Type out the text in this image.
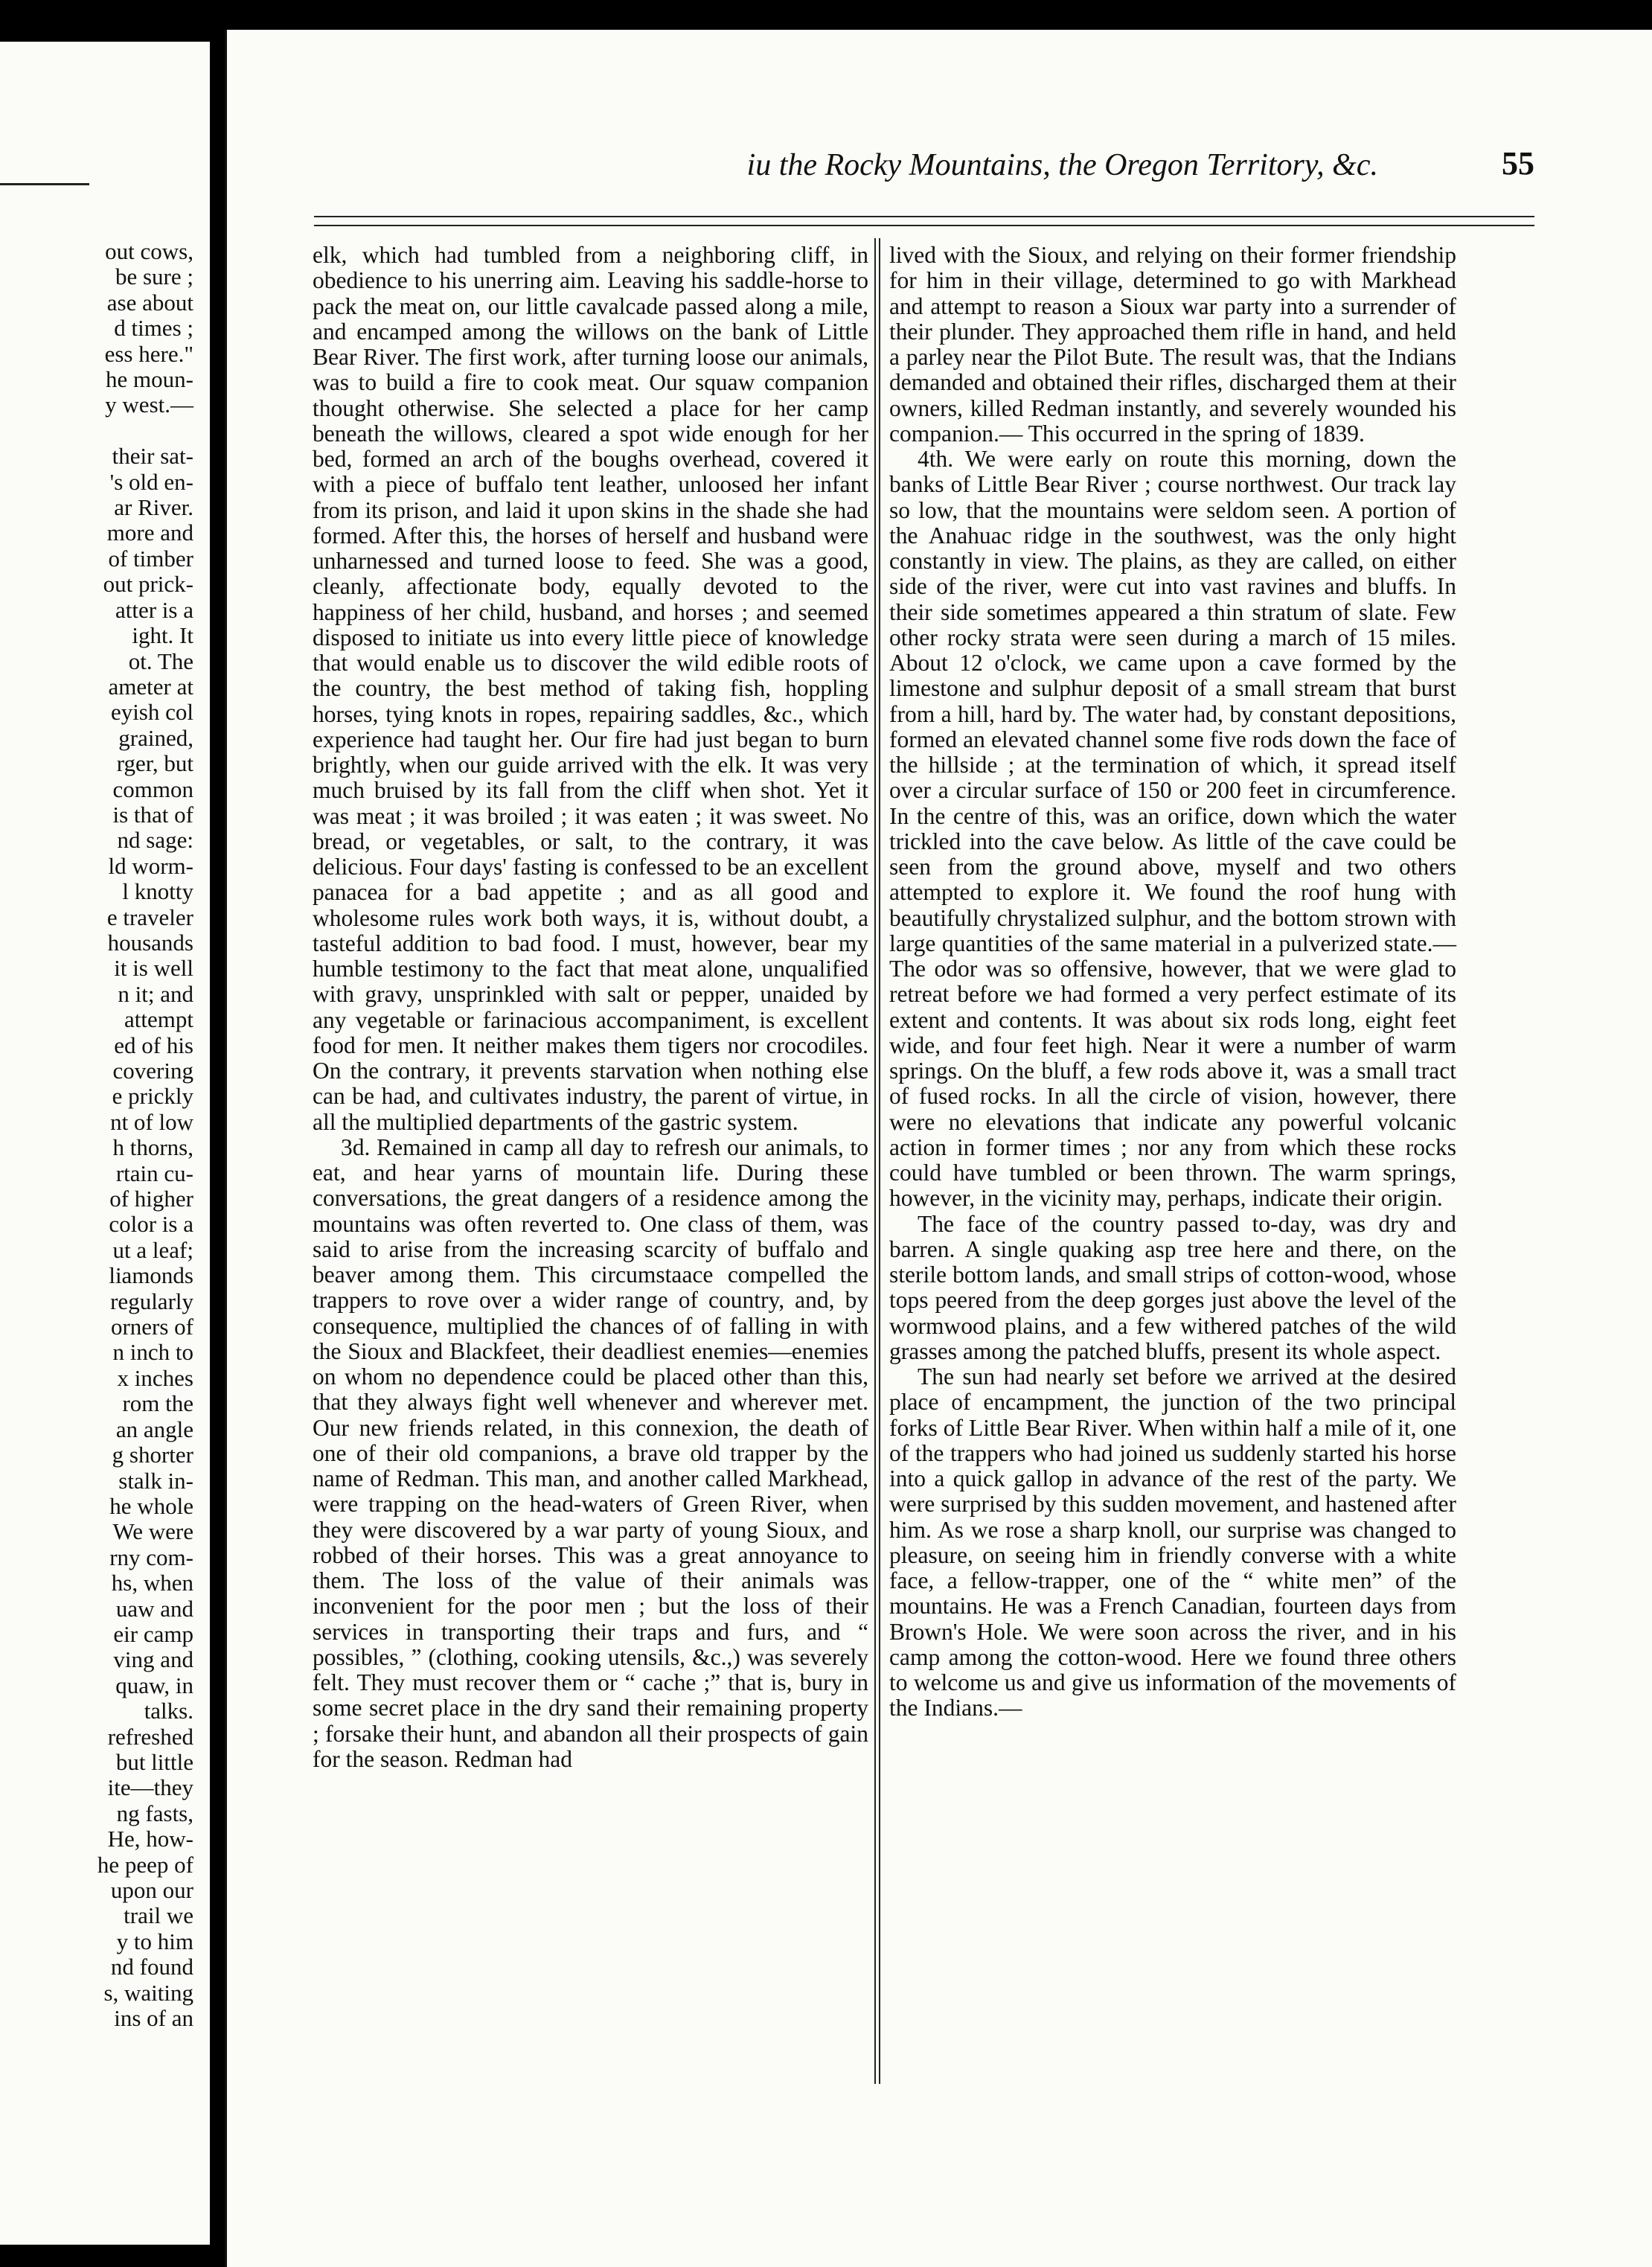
out cows,
be sure ;
ase about
d times ;
ess here."
he moun-
y west.—

their sat-
's old en-
ar River.
more and
of timber
out prick-
atter is a
ight. It
ot. The
ameter at
eyish col
grained,
rger, but
common
is that of
nd sage:
ld worm-
l knotty
e traveler
housands
it is well
n it; and
attempt
ed of his
covering
e prickly
nt of low
h thorns,
rtain cu-
of higher
color is a
ut a leaf;
liamonds
regularly
orners of
n inch to
x inches
rom the
an angle
g shorter
stalk in-
he whole
We were
rny com-
hs, when
uaw and
eir camp
ving and
quaw, in
talks.
refreshed
but little
ite—they
ng fasts,
He, how-
he peep of
upon our
trail we
y to him
nd found
s, waiting
ins of an
iu the Rocky Mountains, the Oregon Territory, &c.	55

elk, which had tumbled from a neighboring cliff, in obedience to his unerring aim. Leaving his saddle-horse to pack the meat on, our little cavalcade passed along a mile, and encamped among the willows on the bank of Little Bear River. The first work, after turning loose our animals, was to build a fire to cook meat. Our squaw companion thought otherwise. She selected a place for her camp beneath the willows, cleared a spot wide enough for her bed, formed an arch of the boughs overhead, covered it with a piece of buffalo tent leather, unloosed her infant from its prison, and laid it upon skins in the shade she had formed. After this, the horses of herself and husband were unharnessed and turned loose to feed. She was a good, cleanly, affectionate body, equally devoted to the happiness of her child, husband, and horses ; and seemed disposed to initiate us into every little piece of knowledge that would enable us to discover the wild edible roots of the country, the best method of taking fish, hoppling horses, tying knots in ropes, repairing saddles, &c., which experience had taught her. Our fire had just began to burn brightly, when our guide arrived with the elk. It was very much bruised by its fall from the cliff when shot. Yet it was meat ; it was broiled ; it was eaten ; it was sweet. No bread, or vegetables, or salt, to the contrary, it was delicious. Four days' fasting is confessed to be an excellent panacea for a bad appetite ; and as all good and wholesome rules work both ways, it is, without doubt, a tasteful addition to bad food. I must, however, bear my humble testimony to the fact that meat alone, unqualified with gravy, unsprinkled with salt or pepper, unaided by any vegetable or farinacious accompaniment, is excellent food for men. It neither makes them tigers nor crocodiles. On the contrary, it prevents starvation when nothing else can be had, and cultivates industry, the parent of virtue, in all the multiplied departments of the gastric system.

3d. Remained in camp all day to refresh our animals, to eat, and hear yarns of mountain life. During these conversations, the great dangers of a residence among the mountains was often reverted to. One class of them, was said to arise from the increasing scarcity of buffalo and beaver among them. This circumstaace compelled the trappers to rove over a wider range of country, and, by consequence, multiplied the chances of of falling in with the Sioux and Blackfeet, their deadliest enemies—enemies on whom no dependence could be placed other than this, that they always fight well whenever and wherever met. Our new friends related, in this connexion, the death of one of their old companions, a brave old trapper by the name of Redman. This man, and another called Markhead, were trapping on the head-waters of Green River, when they were discovered by a war party of young Sioux, and robbed of their horses. This was a great annoyance to them. The loss of the value of their animals was inconvenient for the poor men ; but the loss of their services in transporting their traps and furs, and “ possibles, ” (clothing, cooking utensils, &c.,) was severely felt. They must recover them or “ cache ;” that is, bury in some secret place in the dry sand their remaining property ; forsake their hunt, and abandon all their prospects of gain for the season. Redman had

lived with the Sioux, and relying on their former friendship for him in their village, determined to go with Markhead and attempt to reason a Sioux war party into a surrender of their plunder. They approached them rifle in hand, and held a parley near the Pilot Bute. The result was, that the Indians demanded and obtained their rifles, discharged them at their owners, killed Redman instantly, and severely wounded his companion.— This occurred in the spring of 1839.

4th. We were early on route this morning, down the banks of Little Bear River ; course northwest. Our track lay so low, that the mountains were seldom seen. A portion of the Anahuac ridge in the southwest, was the only hight constantly in view. The plains, as they are called, on either side of the river, were cut into vast ravines and bluffs. In their side sometimes appeared a thin stratum of slate. Few other rocky strata were seen during a march of 15 miles. About 12 o'clock, we came upon a cave formed by the limestone and sulphur deposit of a small stream that burst from a hill, hard by. The water had, by constant depositions, formed an elevated channel some five rods down the face of the hillside ; at the termination of which, it spread itself over a circular surface of 150 or 200 feet in circumference. In the centre of this, was an orifice, down which the water trickled into the cave below. As little of the cave could be seen from the ground above, myself and two others attempted to explore it. We found the roof hung with beautifully chrystalized sulphur, and the bottom strown with large quantities of the same material in a pulverized state.— The odor was so offensive, however, that we were glad to retreat before we had formed a very perfect estimate of its extent and contents. It was about six rods long, eight feet wide, and four feet high. Near it were a number of warm springs. On the bluff, a few rods above it, was a small tract of fused rocks. In all the circle of vision, however, there were no elevations that indicate any powerful volcanic action in former times ; nor any from which these rocks could have tumbled or been thrown. The warm springs, however, in the vicinity may, perhaps, indicate their origin.

The face of the country passed to-day, was dry and barren. A single quaking asp tree here and there, on the sterile bottom lands, and small strips of cotton-wood, whose tops peered from the deep gorges just above the level of the wormwood plains, and a few withered patches of the wild grasses among the patched bluffs, present its whole aspect.

The sun had nearly set before we arrived at the desired place of encampment, the junction of the two principal forks of Little Bear River. When within half a mile of it, one of the trappers who had joined us suddenly started his horse into a quick gallop in advance of the rest of the party. We were surprised by this sudden movement, and hastened after him. As we rose a sharp knoll, our surprise was changed to pleasure, on seeing him in friendly converse with a white face, a fellow-trapper, one of the “ white men” of the mountains. He was a French Canadian, fourteen days from Brown's Hole. We were soon across the river, and in his camp among the cotton-wood. Here we found three others to welcome us and give us information of the movements of the Indians.—
